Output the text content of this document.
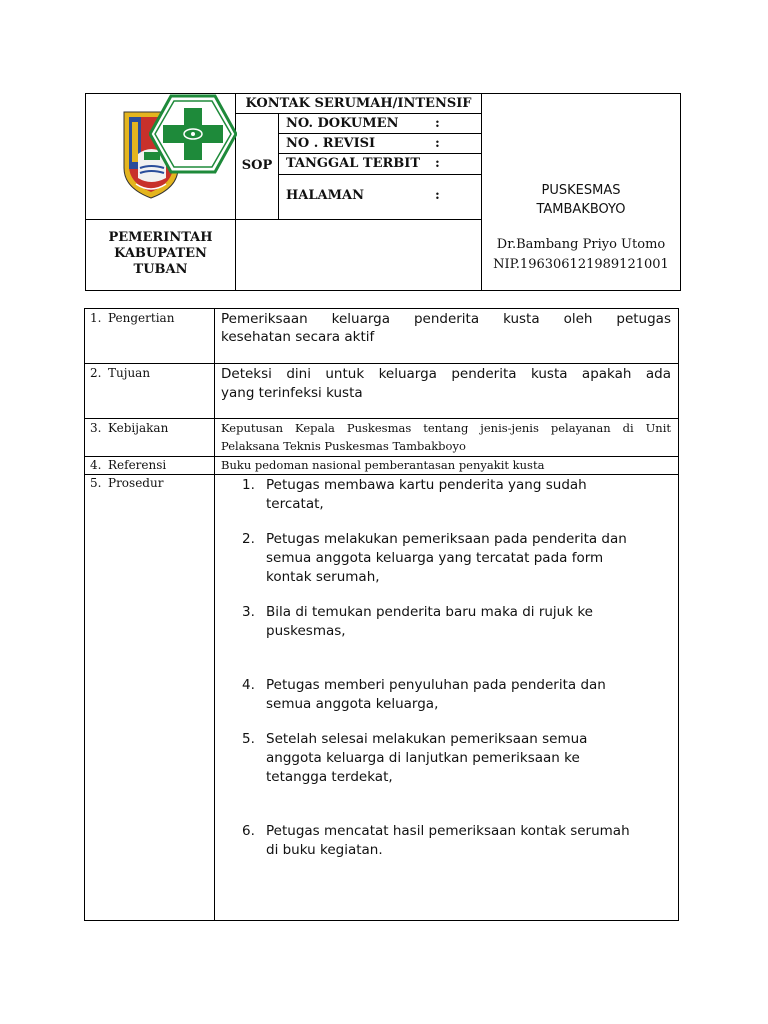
KONTAK SERUMAH/INTENSIF
SOP
NO. DOKUMEN	:
NO . REVISI	:
TANGGAL TERBIT :
HALAMAN	:
PEMERINTAH
KABUPATEN
TUBAN
PUSKESMAS
TAMBAKBOYO
Dr.Bambang Priyo Utomo
NIP.196306121989121001
1. Pengertian	Pemeriksaan keluarga penderita kusta oleh petugas
kesehatan secara aktif
2. Tujuan	Deteksi dini untuk keluarga penderita kusta apakah ada
yang terinfeksi kusta
3. Kebijakan	Keputusan Kepala Puskesmas tentang jenis-jenis pelayanan di Unit
Pelaksana Teknis Puskesmas Tambakboyo
4. Referensi	Buku pedoman nasional pemberantasan penyakit kusta
5. Prosedur	1. Petugas membawa kartu penderita yang sudah
tercatat,
2. Petugas melakukan pemeriksaan pada penderita dan
semua anggota keluarga yang tercatat pada form
kontak serumah,
3. Bila di temukan penderita baru maka di rujuk ke
puskesmas,
4. Petugas memberi penyuluhan pada penderita dan
semua anggota keluarga,
5. Setelah selesai melakukan pemeriksaan semua
anggota keluarga di lanjutkan pemeriksaan ke
tetangga terdekat,
6. Petugas mencatat hasil pemeriksaan kontak serumah
di buku kegiatan.
